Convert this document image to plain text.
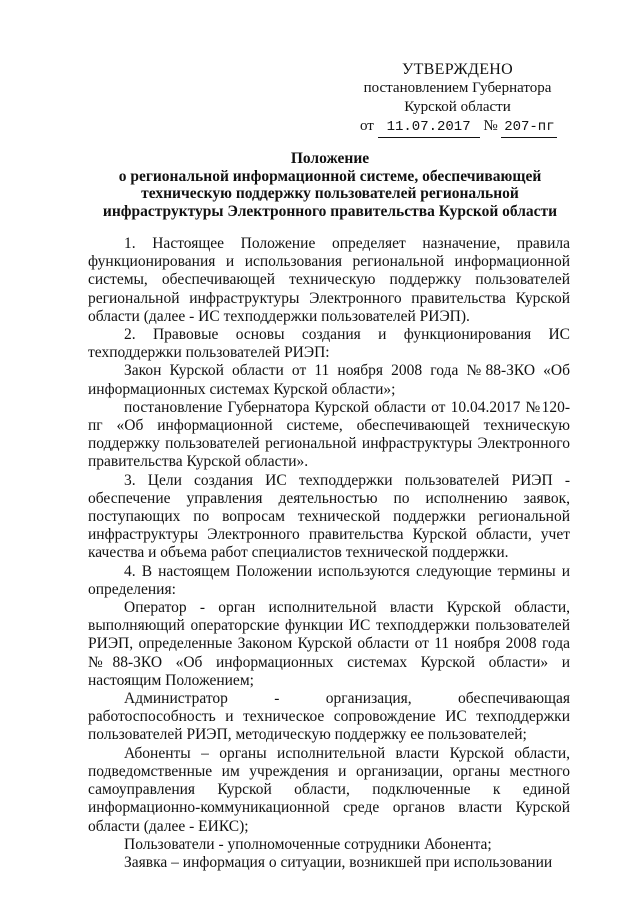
УТВЕРЖДЕНО
постановлением Губернатора
Курской области
от 11.07.2017 № 207-пг
Положение
о региональной информационной системе, обеспечивающей
техническую поддержку пользователей региональной
инфраструктуры Электронного правительства Курской области

1. Настоящее Положение определяет назначение, правила функционирования и использования региональной информационной системы, обеспечивающей техническую поддержку пользователей региональной инфраструктуры Электронного правительства Курской области (далее - ИС техподдержки пользователей РИЭП).

2. Правовые основы создания и функционирования ИС техподдержки пользователей РИЭП:

Закон Курской области от 11 ноября 2008 года №88-ЗКО «Об информационных системах Курской области»;

постановление Губернатора Курской области от 10.04.2017 №120-пг «Об информационной системе, обеспечивающей техническую поддержку пользователей региональной инфраструктуры Электронного правительства Курской области».

3. Цели создания ИС техподдержки пользователей РИЭП - обеспечение управления деятельностью по исполнению заявок, поступающих по вопросам технической поддержки региональной инфраструктуры Электронного правительства Курской области, учет качества и объема работ специалистов технической поддержки.

4. В настоящем Положении используются следующие термины и определения:

Оператор - орган исполнительной власти Курской области, выполняющий операторские функции ИС техподдержки пользователей РИЭП, определенные Законом Курской области от 11 ноября 2008 года №88-ЗКО «Об информационных системах Курской области» и настоящим Положением;

Администратор - организация, обеспечивающая работоспособность и техническое сопровождение ИС техподдержки пользователей РИЭП, методическую поддержку ее пользователей;

Абоненты – органы исполнительной власти Курской области, подведомственные им учреждения и организации, органы местного самоуправления Курской области, подключенные к единой информационно-коммуникационной среде органов власти Курской области (далее - ЕИКС);

Пользователи - уполномоченные сотрудники Абонента;

Заявка – информация о ситуации, возникшей при использовании
